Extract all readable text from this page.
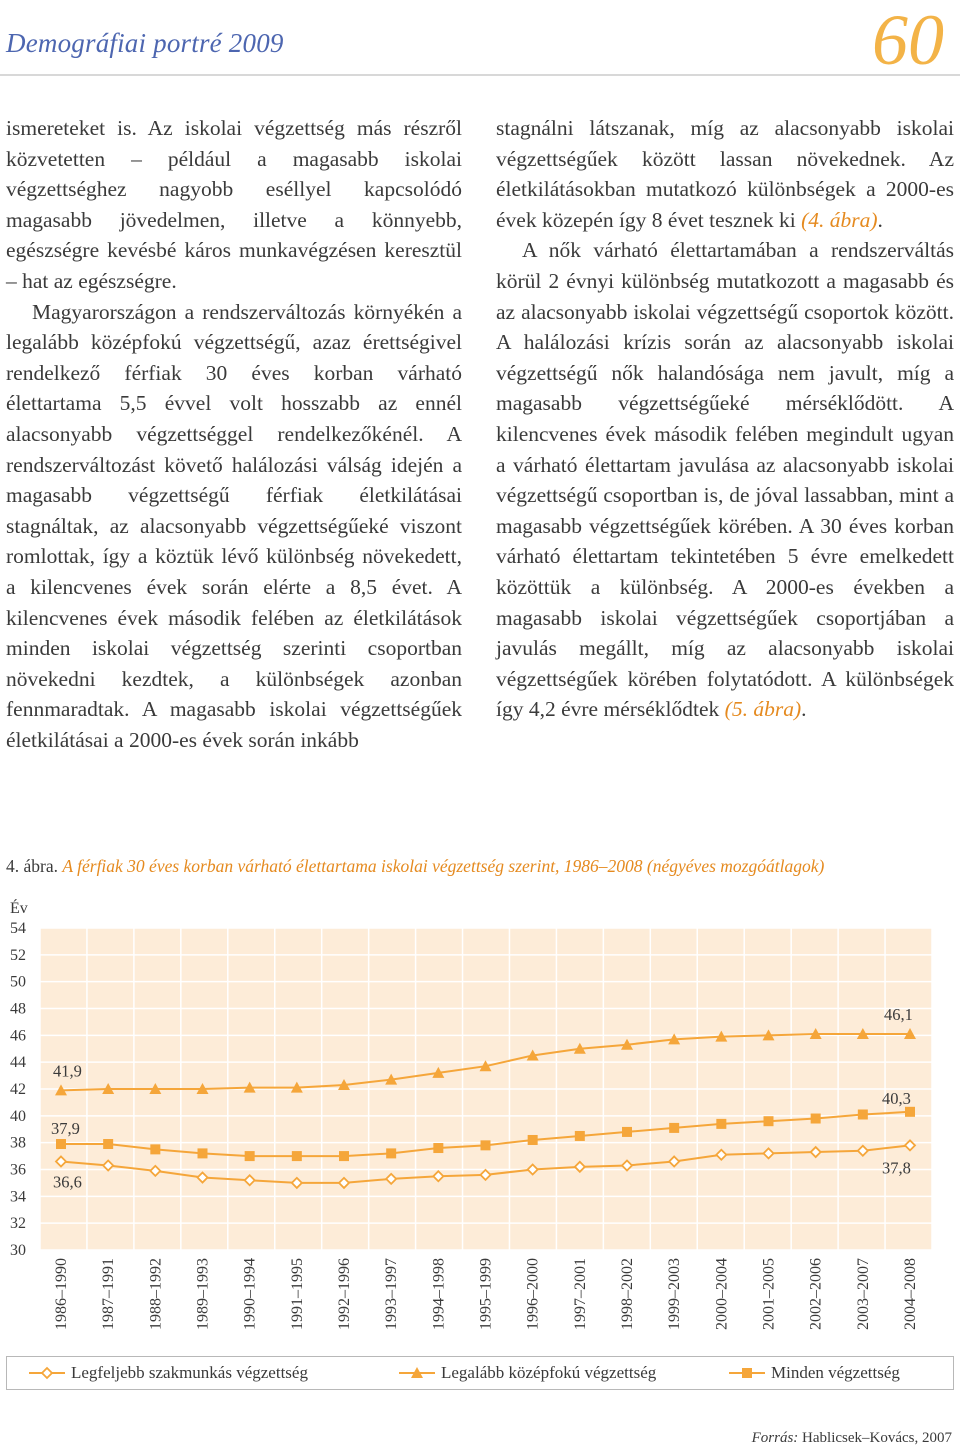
Demográfiai portré 2009	60

ismereteket is. Az iskolai végzettség más részről közvetetten – például a magasabb iskolai végzettséghez nagyobb eséllyel kapcsolódó magasabb jövedelmen, illetve a könnyebb, egészségre kevésbé káros munkavégzésen keresztül – hat az egészségre.

Magyarországon a rendszerváltozás környékén a legalább középfokú végzettségű, azaz érettségivel rendelkező férfiak 30 éves korban várható élettartama 5,5 évvel volt hosszabb az ennél alacsonyabb végzettséggel rendelkezőkénél. A rendszerváltozást követő halálozási válság idején a magasabb végzettségű férfiak életkilátásai stagnáltak, az alacsonyabb végzettségűeké viszont romlottak, így a köztük lévő különbség növekedett, a kilencvenes évek során elérte a 8,5 évet. A kilencvenes évek második felében az életkilátások minden iskolai végzettség szerinti csoportban növekedni kezdtek, a különbségek azonban fennmaradtak. A magasabb iskolai végzettségűek életkilátásai a 2000-es évek során inkább

stagnálni látszanak, míg az alacsonyabb iskolai végzettségűek között lassan növekednek. Az életkilátásokban mutatkozó különbségek a 2000-es évek közepén így 8 évet tesznek ki (4. ábra).

A nők várható élettartamában a rendszerváltás körül 2 évnyi különbség mutatkozott a magasabb és az alacsonyabb iskolai végzettségű csoportok között. A halálozási krízis során az alacsonyabb iskolai végzettségű nők halandósága nem javult, míg a magasabb végzettségűeké mérséklődött. A kilencvenes évek második felében megindult ugyan a várható élettartam javulása az alacsonyabb iskolai végzettségű csoportban is, de jóval lassabban, mint a magasabb végzettségűek körében. A 30 éves korban várható élettartam tekintetében 5 évre emelkedett közöttük a különbség. A 2000-es években a magasabb iskolai végzettségűek csoportjában a javulás megállt, míg az alacsonyabb iskolai végzettségűek körében folytatódott. A különbségek így 4,2 évre mérséklődtek (5. ábra).

4. ábra. A férfiak 30 éves korban várható élettartama iskolai végzettség szerint, 1986–2008 (négyéves mozgóátlagok)
Év
30
32
34
36
38
40
42
44
46
48
50
52
54
1986–1990 1987–1991 1988–1992 1989–1993 1990–1994 1991–1995 1992–1996 1993–1997 1994–1998 1995–1999 1996–2000 1997–2001 1998–2002 1999–2003 2000–2004 2001–2005 2002–2006 2003–2007 2004–2008
36,6
37,8
41,9
46,1
37,9
40,3
Legfeljebb szakmunkás végzettség	Legalább középfokú végzettség	Minden végzettség
Forrás: Hablicsek–Kovács, 2007
